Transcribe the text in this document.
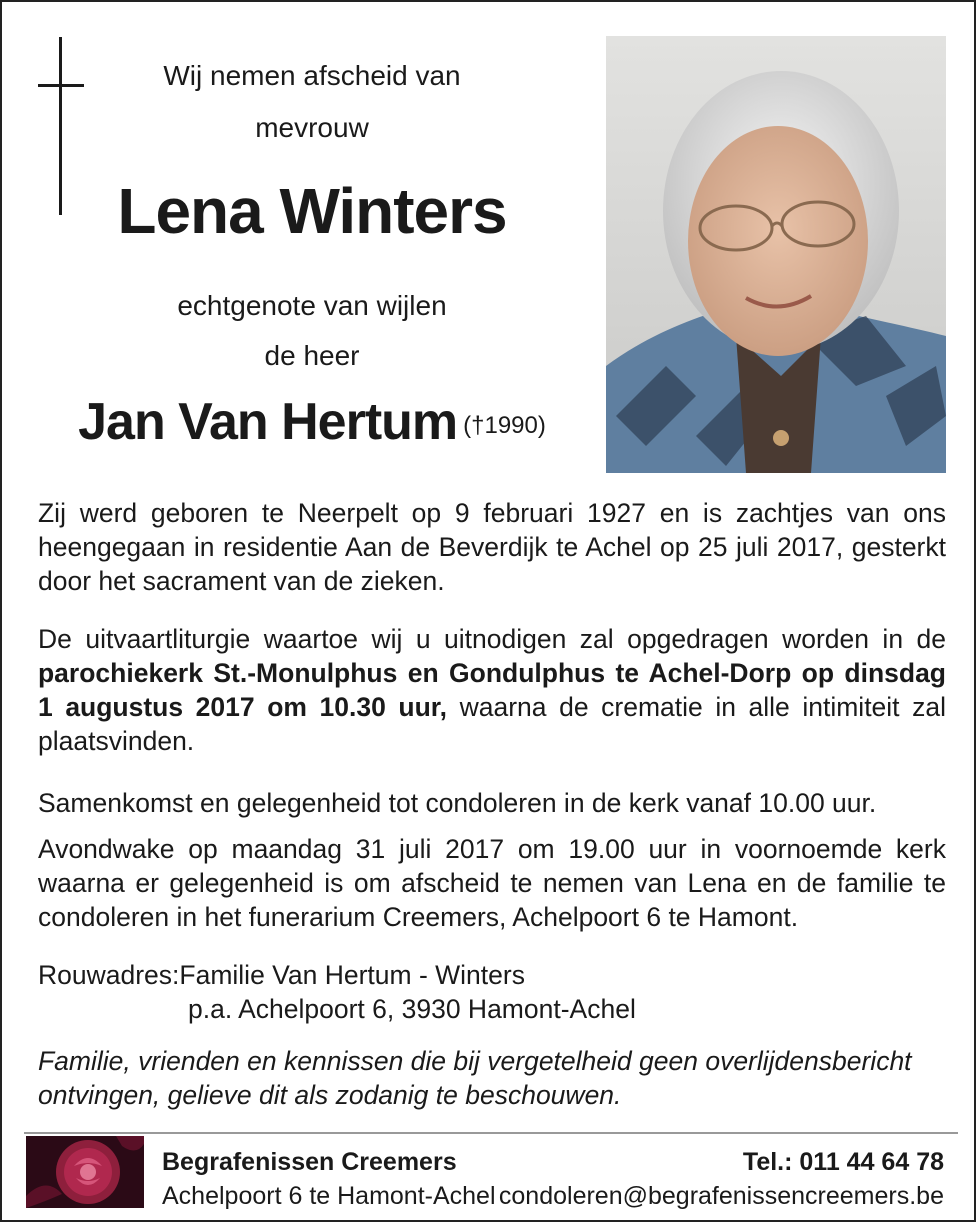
Wij nemen afscheid van
mevrouw
Lena Winters
echtgenote van wijlen
de heer
Jan Van Hertum (†1990)
Zij werd geboren te Neerpelt op 9 februari 1927 en is zachtjes van ons heengegaan in residentie Aan de Beverdijk te Achel op 25 juli 2017, gesterkt door het sacrament van de zieken.
De uitvaartliturgie waartoe wij u uitnodigen zal opgedragen worden in de parochiekerk St.-Monulphus en Gondulphus te Achel-Dorp op dinsdag 1 augustus 2017 om 10.30 uur, waarna de crematie in alle intimiteit zal plaatsvinden.
Samenkomst en gelegenheid tot condoleren in de kerk vanaf 10.00 uur.
Avondwake op maandag 31 juli 2017 om 19.00 uur in voornoemde kerk waarna er gelegenheid is om afscheid te nemen van Lena en de familie te condoleren in het funerarium Creemers, Achelpoort 6 te Hamont.
Rouwadres:Familie Van Hertum - Winters
p.a. Achelpoort 6, 3930 Hamont-Achel
Familie, vrienden en kennissen die bij vergetelheid geen overlijdensbericht ontvingen, gelieve dit als zodanig te beschouwen.
Begrafenissen Creemers
Achelpoort 6 te Hamont-Achel
Tel.: 011 44 64 78
condoleren@begrafenissencreemers.be
